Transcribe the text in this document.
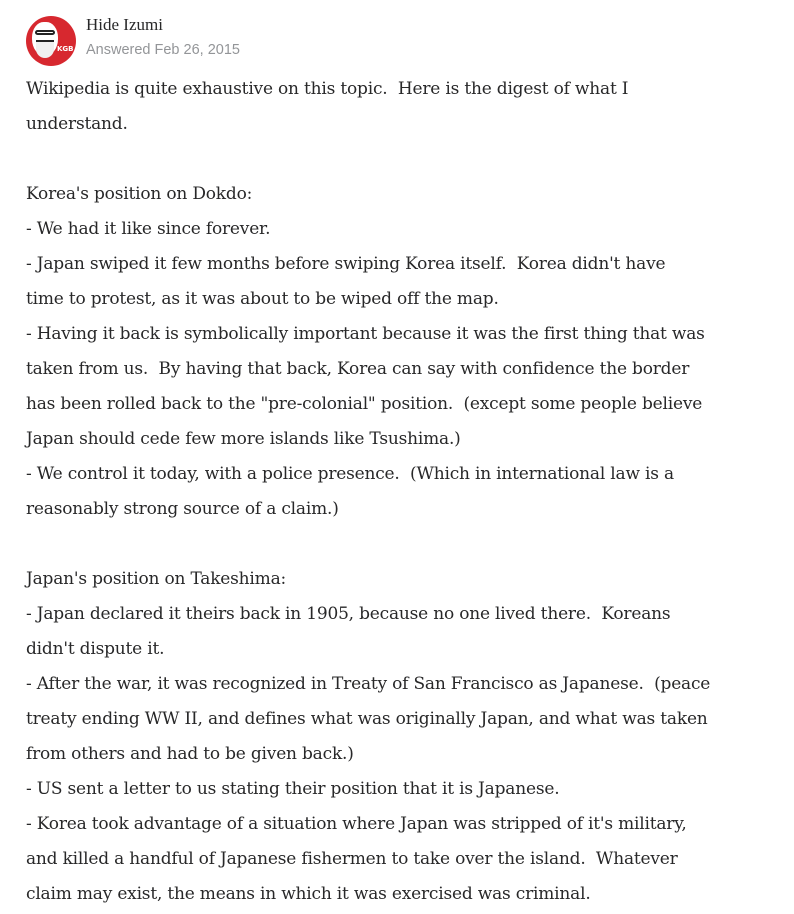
KGB
Hide Izumi
Answered Feb 26, 2015

Wikipedia is quite exhaustive on this topic.  Here is the digest of what I

understand.

Korea's position on Dokdo:

- We had it like since forever.

- Japan swiped it few months before swiping Korea itself.  Korea didn't have

time to protest, as it was about to be wiped off the map.

- Having it back is symbolically important because it was the first thing that was

taken from us.  By having that back, Korea can say with confidence the border

has been rolled back to the "pre-colonial" position.  (except some people believe

Japan should cede few more islands like Tsushima.)

- We control it today, with a police presence.  (Which in international law is a

reasonably strong source of a claim.)

Japan's position on Takeshima:

- Japan declared it theirs back in 1905, because no one lived there.  Koreans

didn't dispute it.

- After the war, it was recognized in Treaty of San Francisco as Japanese.  (peace

treaty ending WW II, and defines what was originally Japan, and what was taken

from others and had to be given back.)

- US sent a letter to us stating their position that it is Japanese.

- Korea took advantage of a situation where Japan was stripped of it's military,

and killed a handful of Japanese fishermen to take over the island.  Whatever

claim may exist, the means in which it was exercised was criminal.
